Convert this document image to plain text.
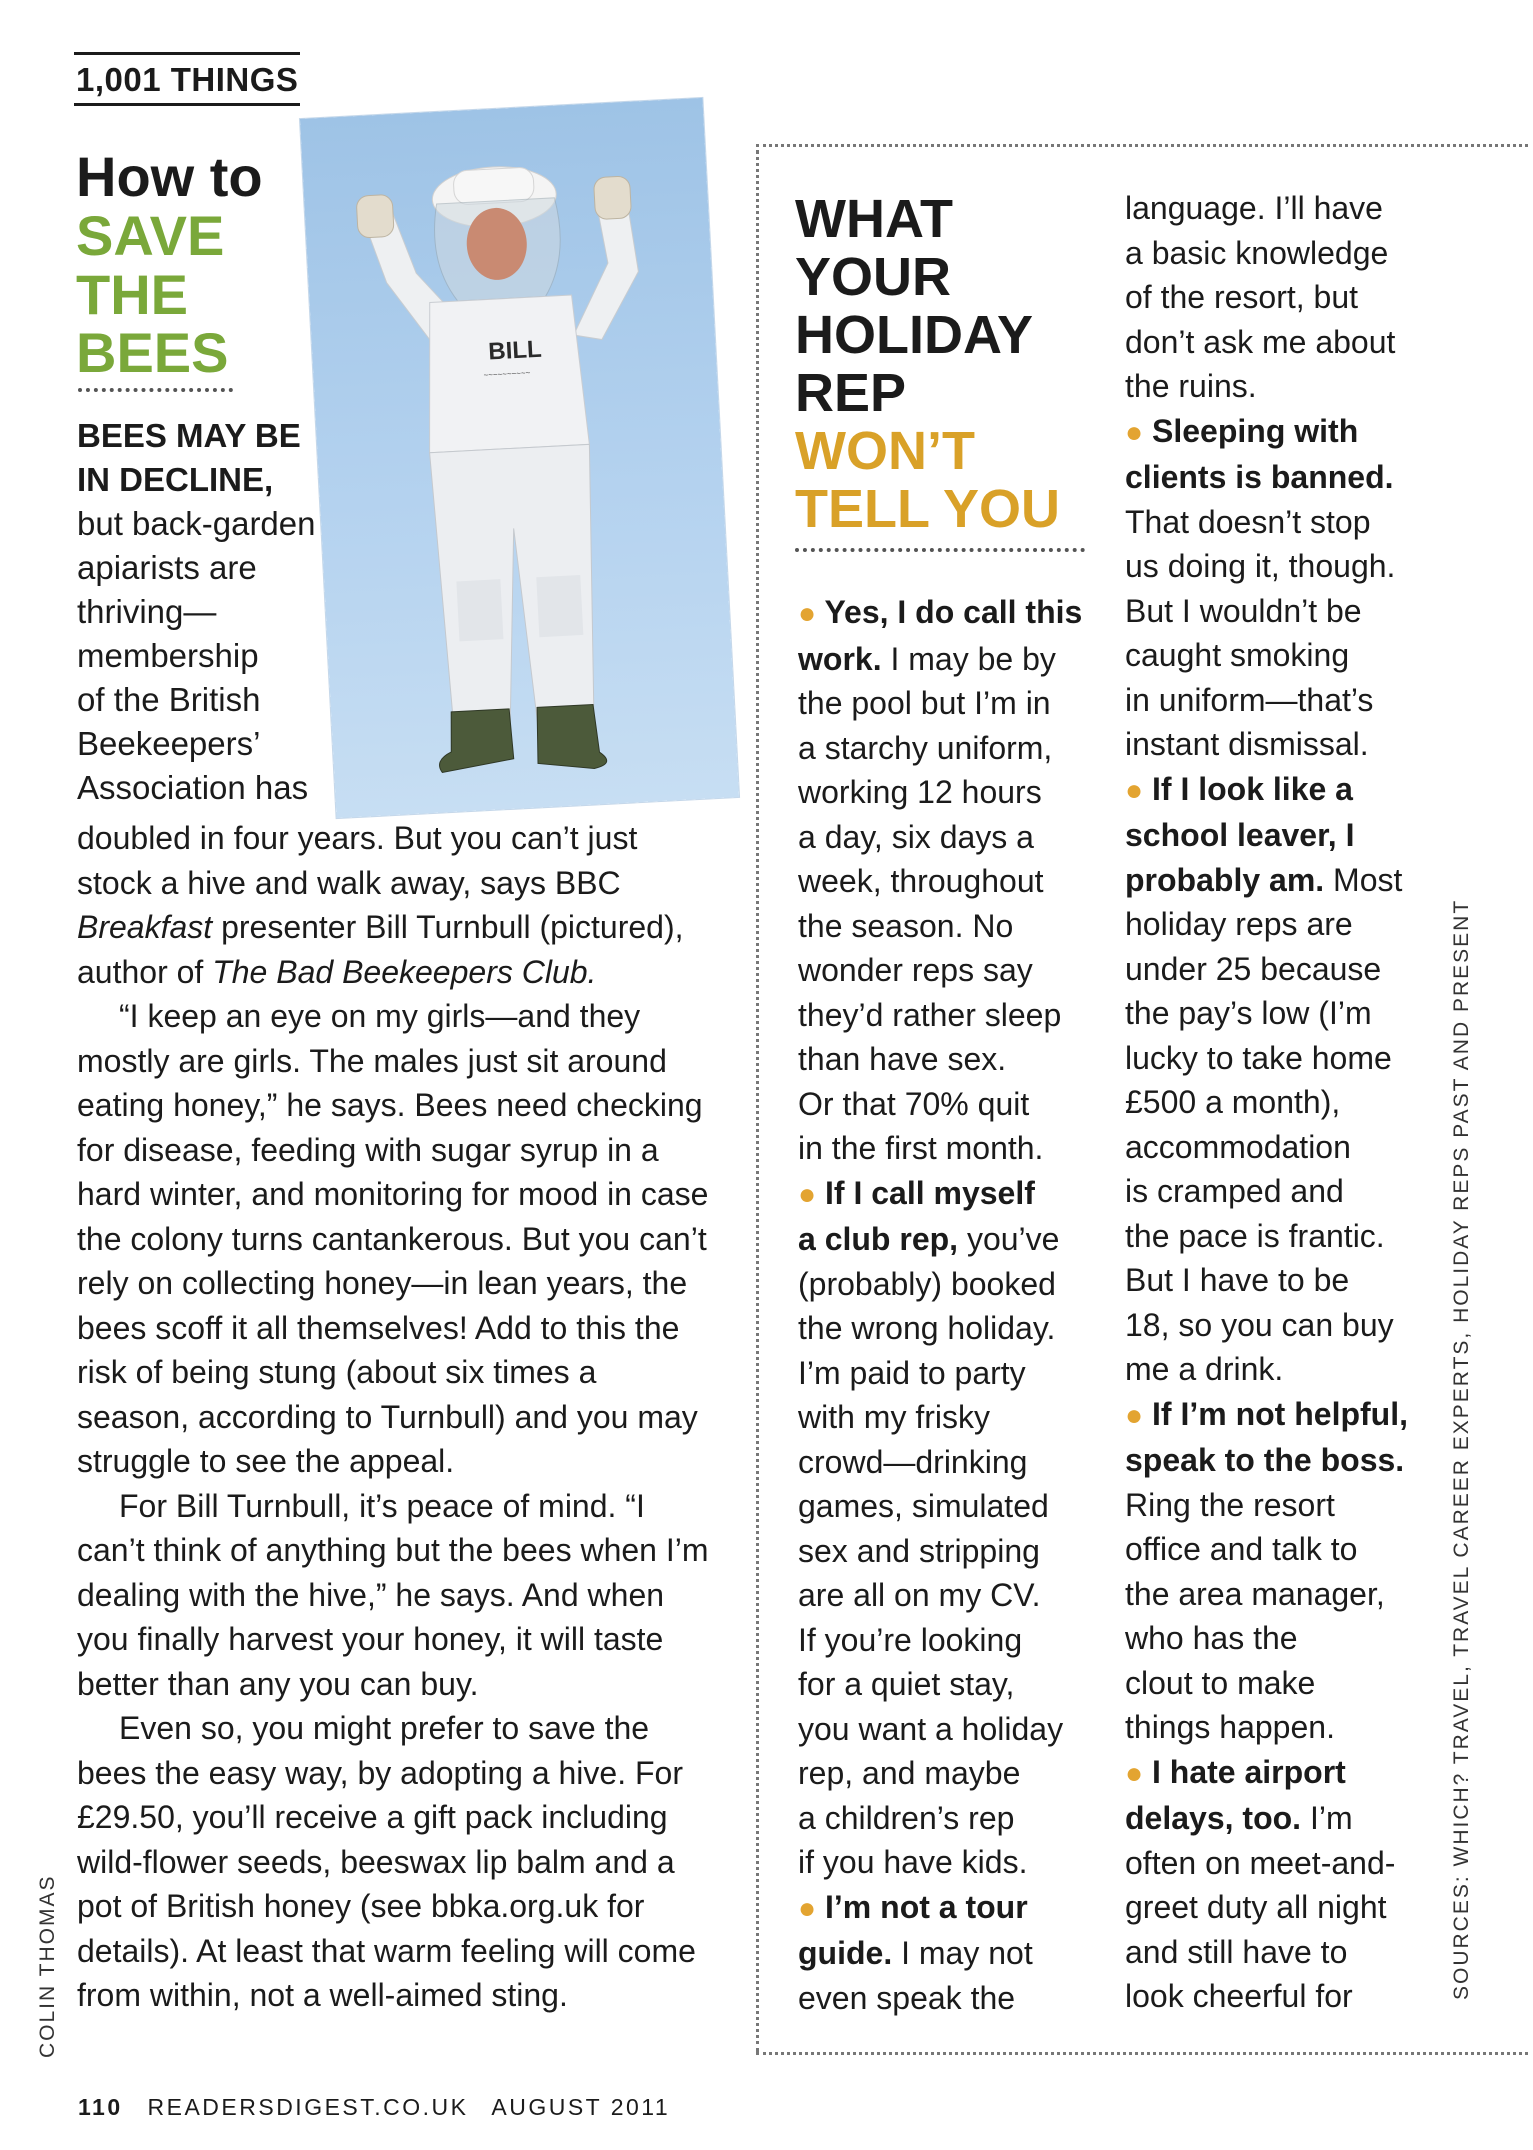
1,001 THINGS
How to
SAVE
THE
BEES
BEES MAY BE
IN DECLINE,
but back-garden
apiarists are
thriving—
membership
of the British
Beekeepers’
Association has
BILL
~~~~~~~~~~
COLIN THOMAS

doubled in four years. But you can’t just stock a hive and walk away, says BBC Breakfast presenter Bill Turnbull (pictured), author of The Bad Beekeepers Club.

“I keep an eye on my girls—and they mostly are girls. The males just sit around eating honey,” he says. Bees need checking for disease, feeding with sugar syrup in a hard winter, and monitoring for mood in case the colony turns cantankerous. But you can’t rely on collecting honey—in lean years, the bees scoff it all themselves! Add to this the risk of being stung (about six times a season, according to Turnbull) and you may struggle to see the appeal.

For Bill Turnbull, it’s peace of mind. “I can’t think of anything but the bees when I’m dealing with the hive,” he says. And when you finally harvest your honey, it will taste better than any you can buy.

Even so, you might prefer to save the bees the easy way, by adopting a hive. For £29.50, you’ll receive a gift pack including wild-flower seeds, beeswax lip balm and a pot of British honey (see bbka.org.uk for details). At least that warm feeling will come from within, not a well-aimed sting.

WHAT
YOUR
HOLIDAY
REP
WON’T
TELL YOU
● Yes, I do call this
work. I may be by
the pool but I’m in
a starchy uniform,
working 12 hours
a day, six days a
week, throughout
the season. No
wonder reps say
they’d rather sleep
than have sex.
Or that 70% quit
in the first month.
● If I call myself
a club rep, you’ve
(probably) booked
the wrong holiday.
I’m paid to party
with my frisky
crowd—drinking
games, simulated
sex and stripping
are all on my CV.
If you’re looking
for a quiet stay,
you want a holiday
rep, and maybe
a children’s rep
if you have kids.
● I’m not a tour
guide. I may not
even speak the
language. I’ll have
a basic knowledge
of the resort, but
don’t ask me about
the ruins.
● Sleeping with
clients is banned.
That doesn’t stop
us doing it, though.
But I wouldn’t be
caught smoking
in uniform—that’s
instant dismissal.
● If I look like a
school leaver, I
probably am. Most
holiday reps are
under 25 because
the pay’s low (I’m
lucky to take home
£500 a month),
accommodation
is cramped and
the pace is frantic.
But I have to be
18, so you can buy
me a drink.
● If I’m not helpful,
speak to the boss.
Ring the resort
office and talk to
the area manager,
who has the
clout to make
things happen.
● I hate airport
delays, too. I’m
often on meet-and-
greet duty all night
and still have to
look cheerful for	SOURCES: WHICH? TRAVEL, TRAVEL CAREER EXPERTS, HOLIDAY REPS PAST AND PRESENT
110 READERSDIGEST.CO.UK AUGUST 2011
